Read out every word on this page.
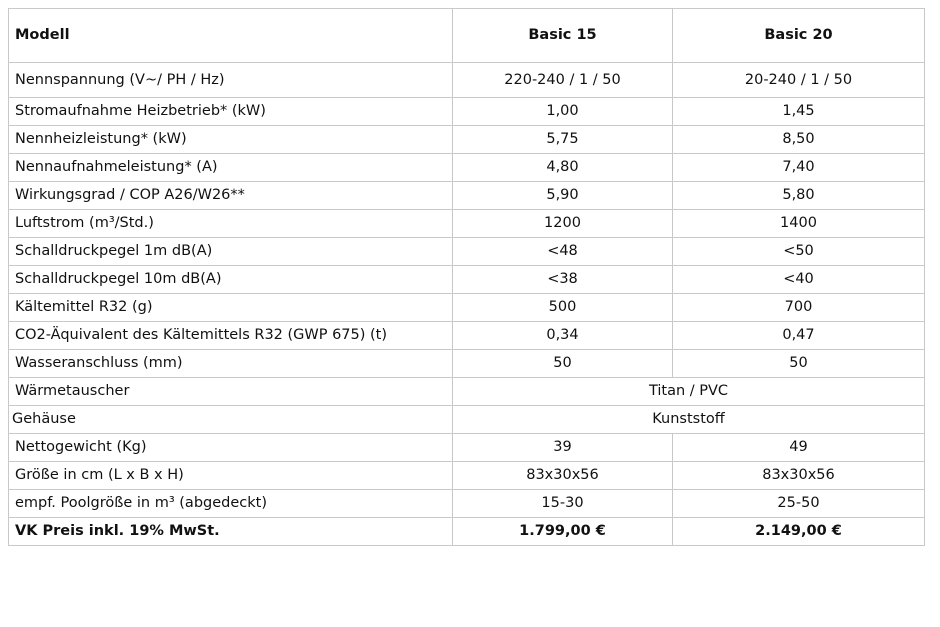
Modell	Basic 15	Basic 20
Nennspannung (V~/ PH / Hz)	220-240 / 1 / 50	20-240 / 1 / 50
Stromaufnahme Heizbetrieb* (kW)	1,00	1,45
Nennheizleistung* (kW)	5,75	8,50
Nennaufnahmeleistung* (A)	4,80	7,40
Wirkungsgrad / COP A26/W26**	5,90	5,80
Luftstrom (m³/Std.)	1200	1400
Schalldruckpegel 1m dB(A)	<48	<50
Schalldruckpegel 10m dB(A)	<38	<40
Kältemittel R32 (g)	500	700
CO2-Äquivalent des Kältemittels R32 (GWP 675) (t)	0,34	0,47
Wasseranschluss (mm)	50	50
Wärmetauscher	Titan / PVC	
Gehäuse	Kunststoff	
Nettogewicht (Kg)	39	49
Größe in cm (L x B x H)	83x30x56	83x30x56
empf. Poolgröße in m³ (abgedeckt)	15-30	25-50
VK Preis inkl. 19% MwSt.	1.799,00 €	2.149,00 €
